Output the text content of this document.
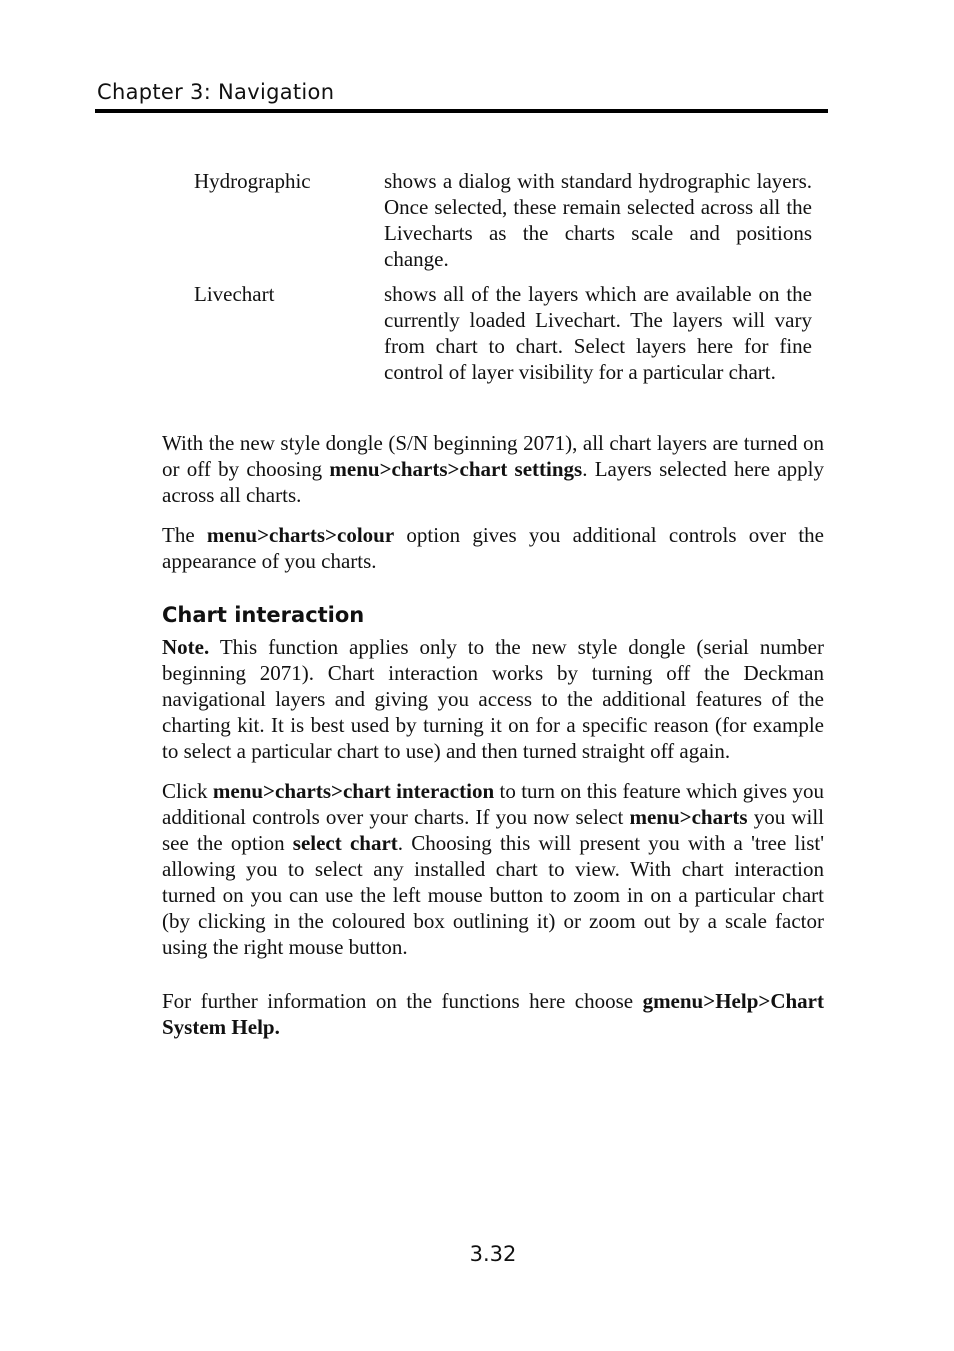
Chapter 3: Navigation
Hydrographic	shows a dialog with standard hydrographic layers. Once selected, these remain selected across all the Livecharts as the charts scale and positions change.
Livechart	shows all of the layers which are available on the currently loaded Livechart. The layers will vary from chart to chart. Select layers here for fine control of layer visibility for a particular chart.

With the new style dongle (S/N beginning 2071), all chart layers are turned on or off by choosing menu>charts>chart settings. Layers selected here apply across all charts.

The menu>charts>colour option gives you additional controls over the appearance of you charts.

Chart interaction

Note. This function applies only to the new style dongle (serial number beginning 2071). Chart interaction works by turning off the Deckman navigational layers and giving you access to the additional features of the charting kit. It is best used by turning it on for a specific reason (for example to select a particular chart to use) and then turned straight off again.

Click menu>charts>chart interaction to turn on this feature which gives you additional controls over your charts. If you now select menu>charts you will see the option select chart. Choosing this will present you with a 'tree list' allowing you to select any installed chart to view. With chart interaction turned on you can use the left mouse button to zoom in on a particular chart (by clicking in the coloured box outlining it) or zoom out by a scale factor using the right mouse button.

For further information on the functions here choose gmenu>Help>Chart System Help.

3.32
